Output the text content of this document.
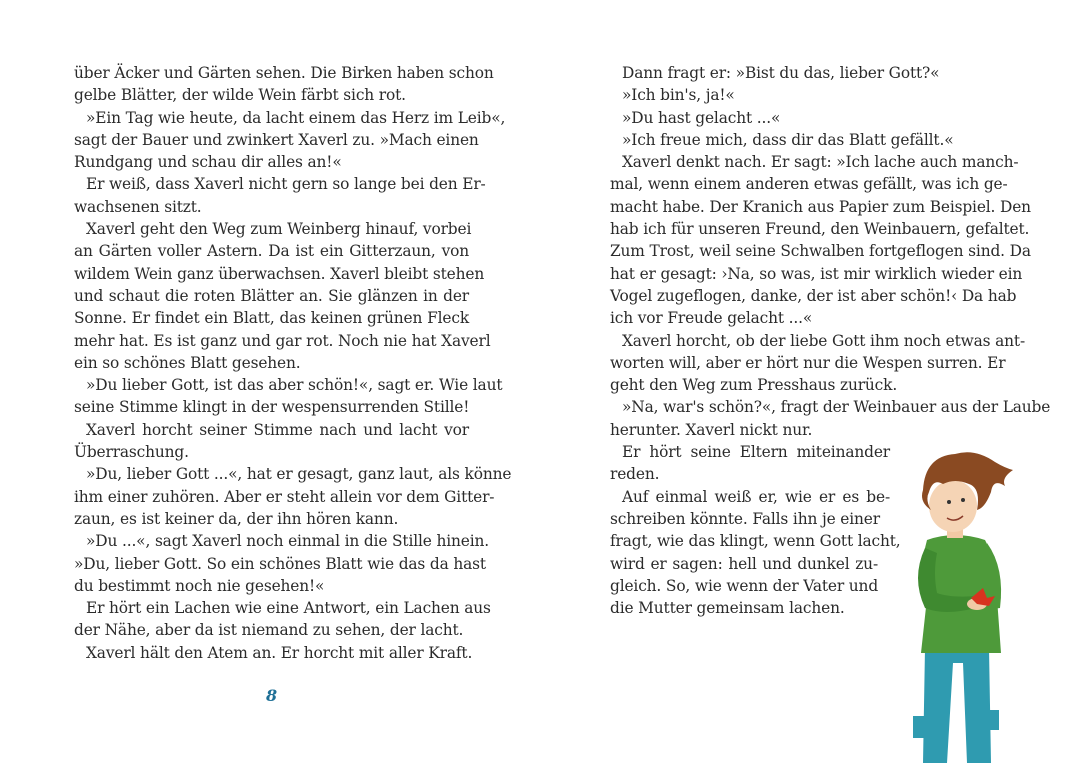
über Äcker und Gärten sehen. Die Birken haben schon
gelbe Blätter, der wilde Wein färbt sich rot.
»Ein Tag wie heute, da lacht einem das Herz im Leib«,
sagt der Bauer und zwinkert Xaverl zu. »Mach einen
Rundgang und schau dir alles an!«
Er weiß, dass Xaverl nicht gern so lange bei den Er-
wachsenen sitzt.
Xaverl geht den Weg zum Weinberg hinauf, vorbei
an Gärten voller Astern. Da ist ein Gitterzaun, von
wildem Wein ganz überwachsen. Xaverl bleibt stehen
und schaut die roten Blätter an. Sie glänzen in der
Sonne. Er findet ein Blatt, das keinen grünen Fleck
mehr hat. Es ist ganz und gar rot. Noch nie hat Xaverl
ein so schönes Blatt gesehen.
»Du lieber Gott, ist das aber schön!«, sagt er. Wie laut
seine Stimme klingt in der wespensurrenden Stille!
Xaverl horcht seiner Stimme nach und lacht vor
Überraschung.
»Du, lieber Gott ...«, hat er gesagt, ganz laut, als könne
ihm einer zuhören. Aber er steht allein vor dem Gitter-
zaun, es ist keiner da, der ihn hören kann.
»Du ...«, sagt Xaverl noch einmal in die Stille hinein.
»Du, lieber Gott. So ein schönes Blatt wie das da hast
du bestimmt noch nie gesehen!«
Er hört ein Lachen wie eine Antwort, ein Lachen aus
der Nähe, aber da ist niemand zu sehen, der lacht.
Xaverl hält den Atem an. Er horcht mit aller Kraft.
Dann fragt er: »Bist du das, lieber Gott?«
»Ich bin's, ja!«
»Du hast gelacht ...«
»Ich freue mich, dass dir das Blatt gefällt.«
Xaverl denkt nach. Er sagt: »Ich lache auch manch-
mal, wenn einem anderen etwas gefällt, was ich ge-
macht habe. Der Kranich aus Papier zum Beispiel. Den
hab ich für unseren Freund, den Weinbauern, gefaltet.
Zum Trost, weil seine Schwalben fortgeflogen sind. Da
hat er gesagt: ›Na, so was, ist mir wirklich wieder ein
Vogel zugeflogen, danke, der ist aber schön!‹ Da hab
ich vor Freude gelacht ...«
Xaverl horcht, ob der liebe Gott ihm noch etwas ant-
worten will, aber er hört nur die Wespen surren. Er
geht den Weg zum Presshaus zurück.
»Na, war's schön?«, fragt der Weinbauer aus der Laube
herunter. Xaverl nickt nur.
Er hört seine Eltern miteinander
reden.
Auf einmal weiß er, wie er es be-
schreiben könnte. Falls ihn je einer
fragt, wie das klingt, wenn Gott lacht,
wird er sagen: hell und dunkel zu-
gleich. So, wie wenn der Vater und
die Mutter gemeinsam lachen.
8
